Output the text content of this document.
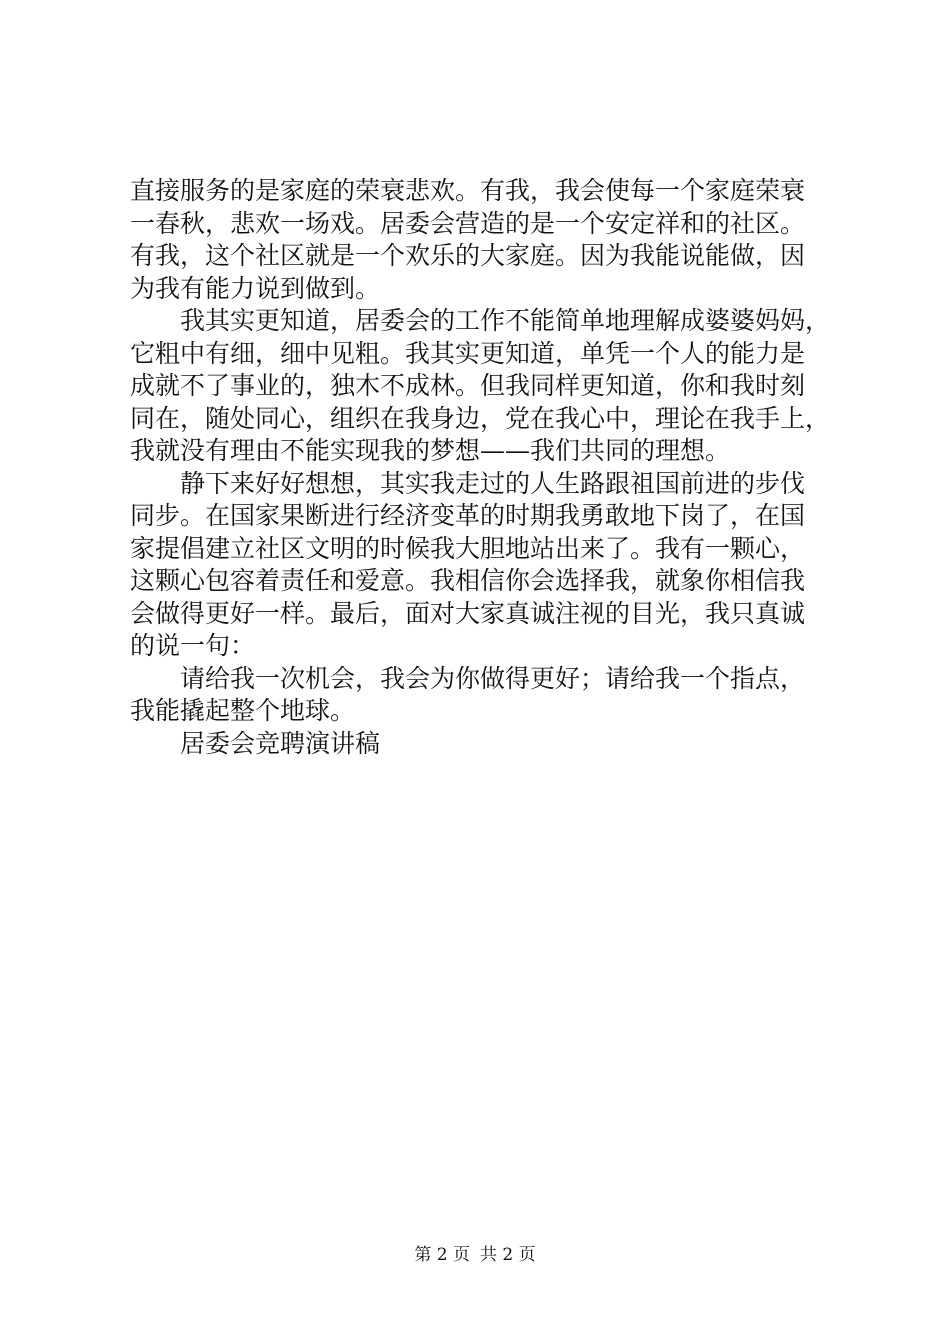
直接服务的是家庭的荣衰悲欢。有我，我会使每一个家庭荣衰
一春秋，悲欢一场戏。居委会营造的是一个安定祥和的社区。
有我，这个社区就是一个欢乐的大家庭。因为我能说能做，因
为我有能力说到做到。
我其实更知道，居委会的工作不能简单地理解成婆婆妈妈，
它粗中有细，细中见粗。我其实更知道，单凭一个人的能力是
成就不了事业的，独木不成林。但我同样更知道，你和我时刻
同在，随处同心，组织在我身边，党在我心中，理论在我手上，
我就没有理由不能实现我的梦想——我们共同的理想。
静下来好好想想，其实我走过的人生路跟祖国前进的步伐
同步。在国家果断进行经济变革的时期我勇敢地下岗了，在国
家提倡建立社区文明的时候我大胆地站出来了。我有一颗心，
这颗心包容着责任和爱意。我相信你会选择我，就象你相信我
会做得更好一样。最后，面对大家真诚注视的目光，我只真诚
的说一句：
请给我一次机会，我会为你做得更好；请给我一个指点，
我能撬起整个地球。
居委会竞聘演讲稿
第 2 页 共 2 页
